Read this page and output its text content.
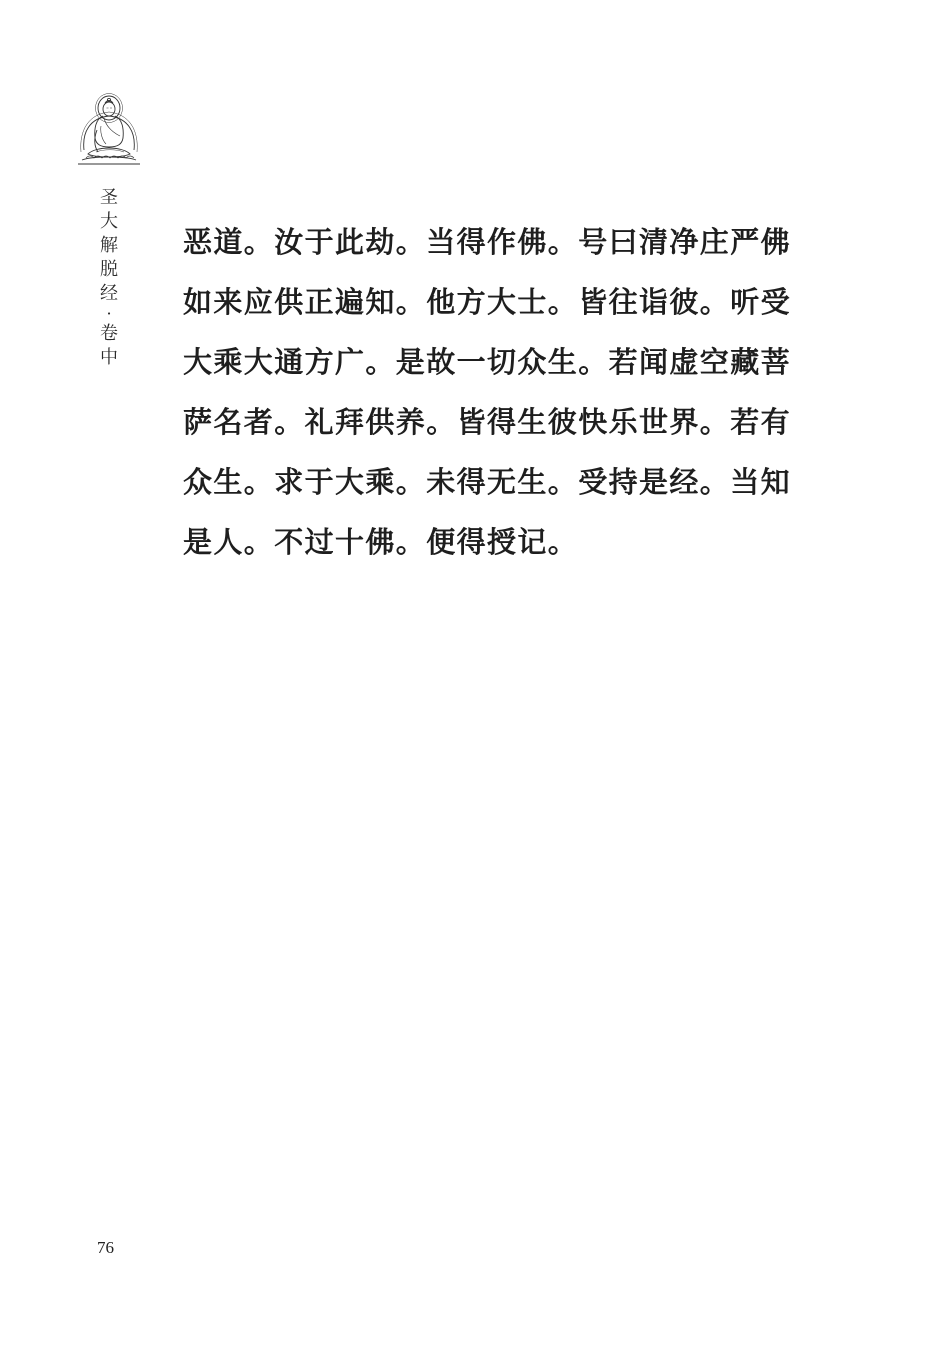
圣
大
解
脱
经
·
卷
中
恶道。汝于此劫。当得作佛。号曰清净庄严佛
如来应供正遍知。他方大士。皆往诣彼。听受
大乘大通方广。是故一切众生。若闻虚空藏菩
萨名者。礼拜供养。皆得生彼快乐世界。若有
众生。求于大乘。未得无生。受持是经。当知
是人。不过十佛。便得授记。
76
